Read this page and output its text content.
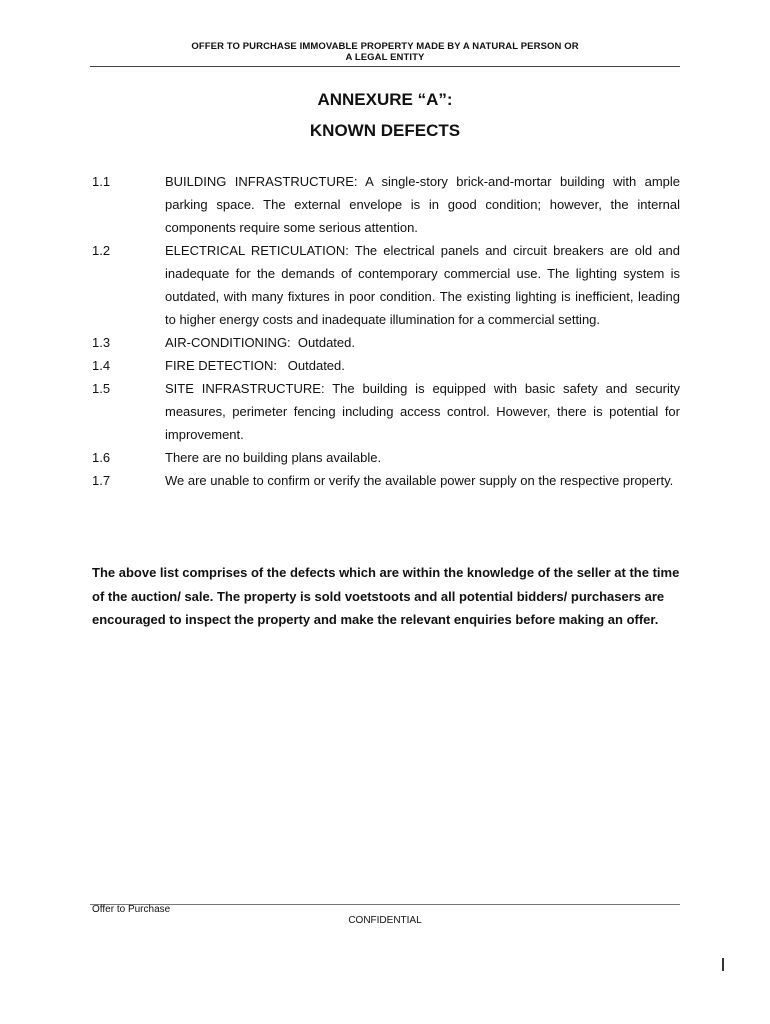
OFFER TO PURCHASE IMMOVABLE PROPERTY MADE BY A NATURAL PERSON OR
A LEGAL ENTITY
ANNEXURE “A”:
KNOWN DEFECTS
1.1	BUILDING INFRASTRUCTURE: A single-story brick-and-mortar building with ample parking space. The external envelope is in good condition; however, the internal components require some serious attention.
1.2	ELECTRICAL RETICULATION: The electrical panels and circuit breakers are old and inadequate for the demands of contemporary commercial use. The lighting system is outdated, with many fixtures in poor condition. The existing lighting is inefficient, leading to higher energy costs and inadequate illumination for a commercial setting.
1.3	AIR-CONDITIONING:  Outdated.
1.4	FIRE DETECTION:   Outdated.
1.5	SITE INFRASTRUCTURE: The building is equipped with basic safety and security measures, perimeter fencing including access control. However, there is potential for improvement.
1.6	There are no building plans available.
1.7	We are unable to confirm or verify the available power supply on the respective property.
The above list comprises of the defects which are within the knowledge of the seller at the time of the auction/ sale. The property is sold voetstoots and all potential bidders/ purchasers are encouraged to inspect the property and make the relevant enquiries before making an offer.
Offer to Purchase
CONFIDENTIAL
